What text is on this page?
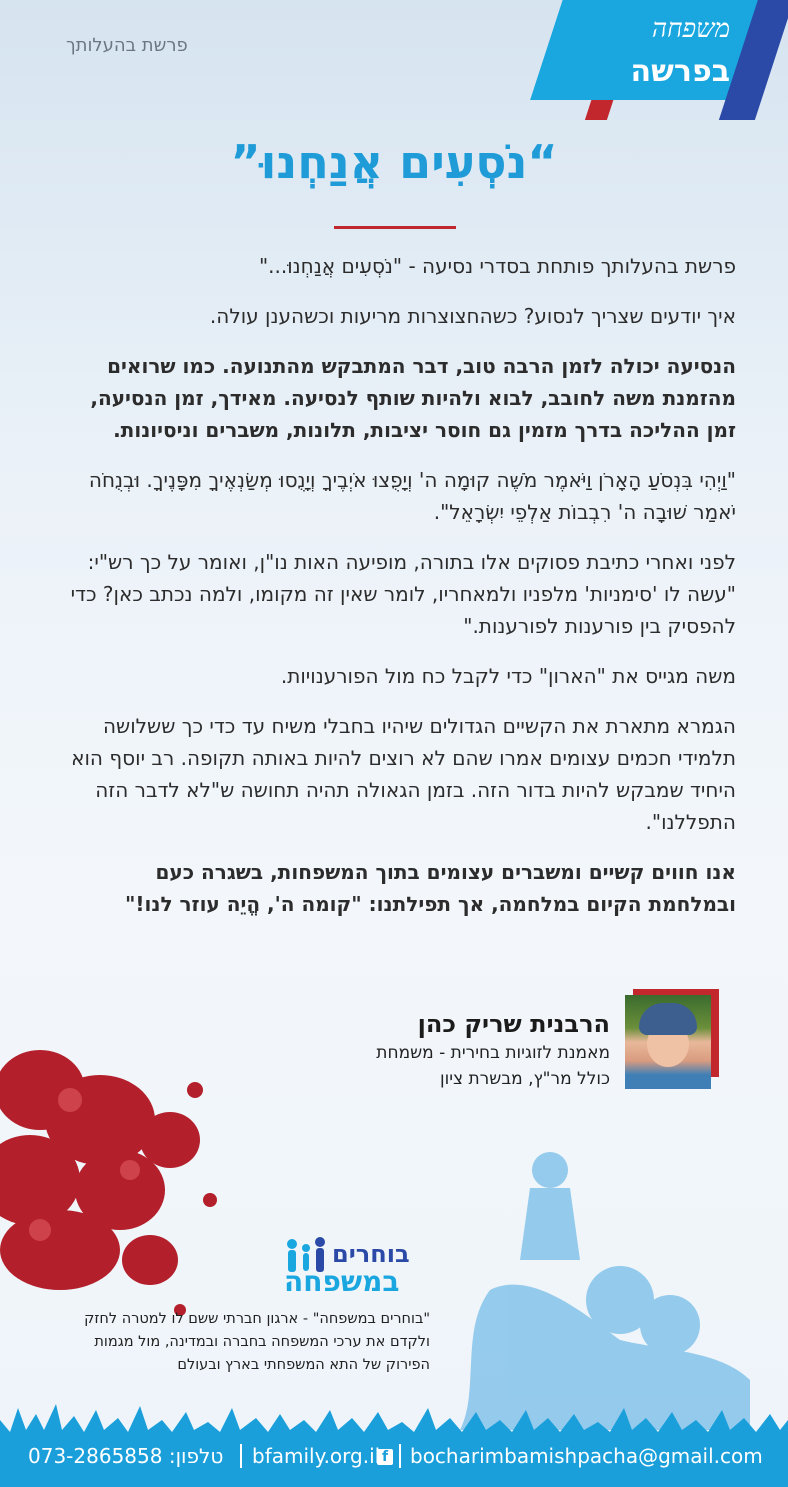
פרשת בהעלותך
משפחה
בפרשה
“נֹסְעִים אֲנַחְנוּ”

פרשת בהעלותך פותחת בסדרי נסיעה - "נֹסְעִים אֲנַחְנוּ..."

איך יודעים שצריך לנסוע? כשהחצוצרות מריעות וכשהענן עולה.

הנסיעה יכולה לזמן הרבה טוב, דבר המתבקש מהתנועה. כמו שרואים מהזמנת משה לחובב, לבוא ולהיות שותף לנסיעה. מאידך, זמן הנסיעה, זמן ההליכה בדרך מזמין גם חוסר יציבות, תלונות, משברים וניסיונות.

"וַיְהִי בִּנְסֹעַ הָאָרֹן וַיֹּאמֶר מֹשֶׁה קוּמָה ה' וְיָפֻצוּ אֹיְבֶיךָ וְיָנֻסוּ מְשַׂנְאֶיךָ מִפָּנֶיךָ. וּבְנֻחֹה יֹאמַר שׁוּבָה ה' רִבְבוֹת אַלְפֵי יִשְׂרָאֵל".

לפני ואחרי כתיבת פסוקים אלו בתורה, מופיעה האות נו"ן, ואומר על כך רש"י: "עשה לו 'סימניות' מלפניו ולמאחריו, לומר שאין זה מקומו, ולמה נכתב כאן? כדי להפסיק בין פורענות לפורענות."

משה מגייס את "הארון" כדי לקבל כח מול הפורענויות.

הגמרא מתארת את הקשיים הגדולים שיהיו בחבלי משיח עד כדי כך ששלושה תלמידי חכמים עצומים אמרו שהם לא רוצים להיות באותה תקופה. רב יוסף הוא היחיד שמבקש להיות בדור הזה. בזמן הגאולה תהיה תחושה ש"לא לדבר הזה התפללנו".

אנו חווים קשיים ומשברים עצומים בתוך המשפחות, בשגרה כעם ובמלחמת הקיום במלחמה, אך תפילתנו: "קומה ה', הֱיֵה עוזר לנו!"

הרבנית שריק כהן
מאמנת לזוגיות בחירית - משמחת
כולל מר"ץ, מבשרת ציון
בוחרים
במשפחה
"בוחרים במשפחה" - ארגון חברתי ששם לו למטרה לחזק ולקדם את ערכי המשפחה בחברה ובמדינה, מול מגמות הפירוק של התא המשפחתי בארץ ובעולם
bocharimbamishpacha@gmail.com
f
bfamily.org.il
טלפון: 073-2865858
